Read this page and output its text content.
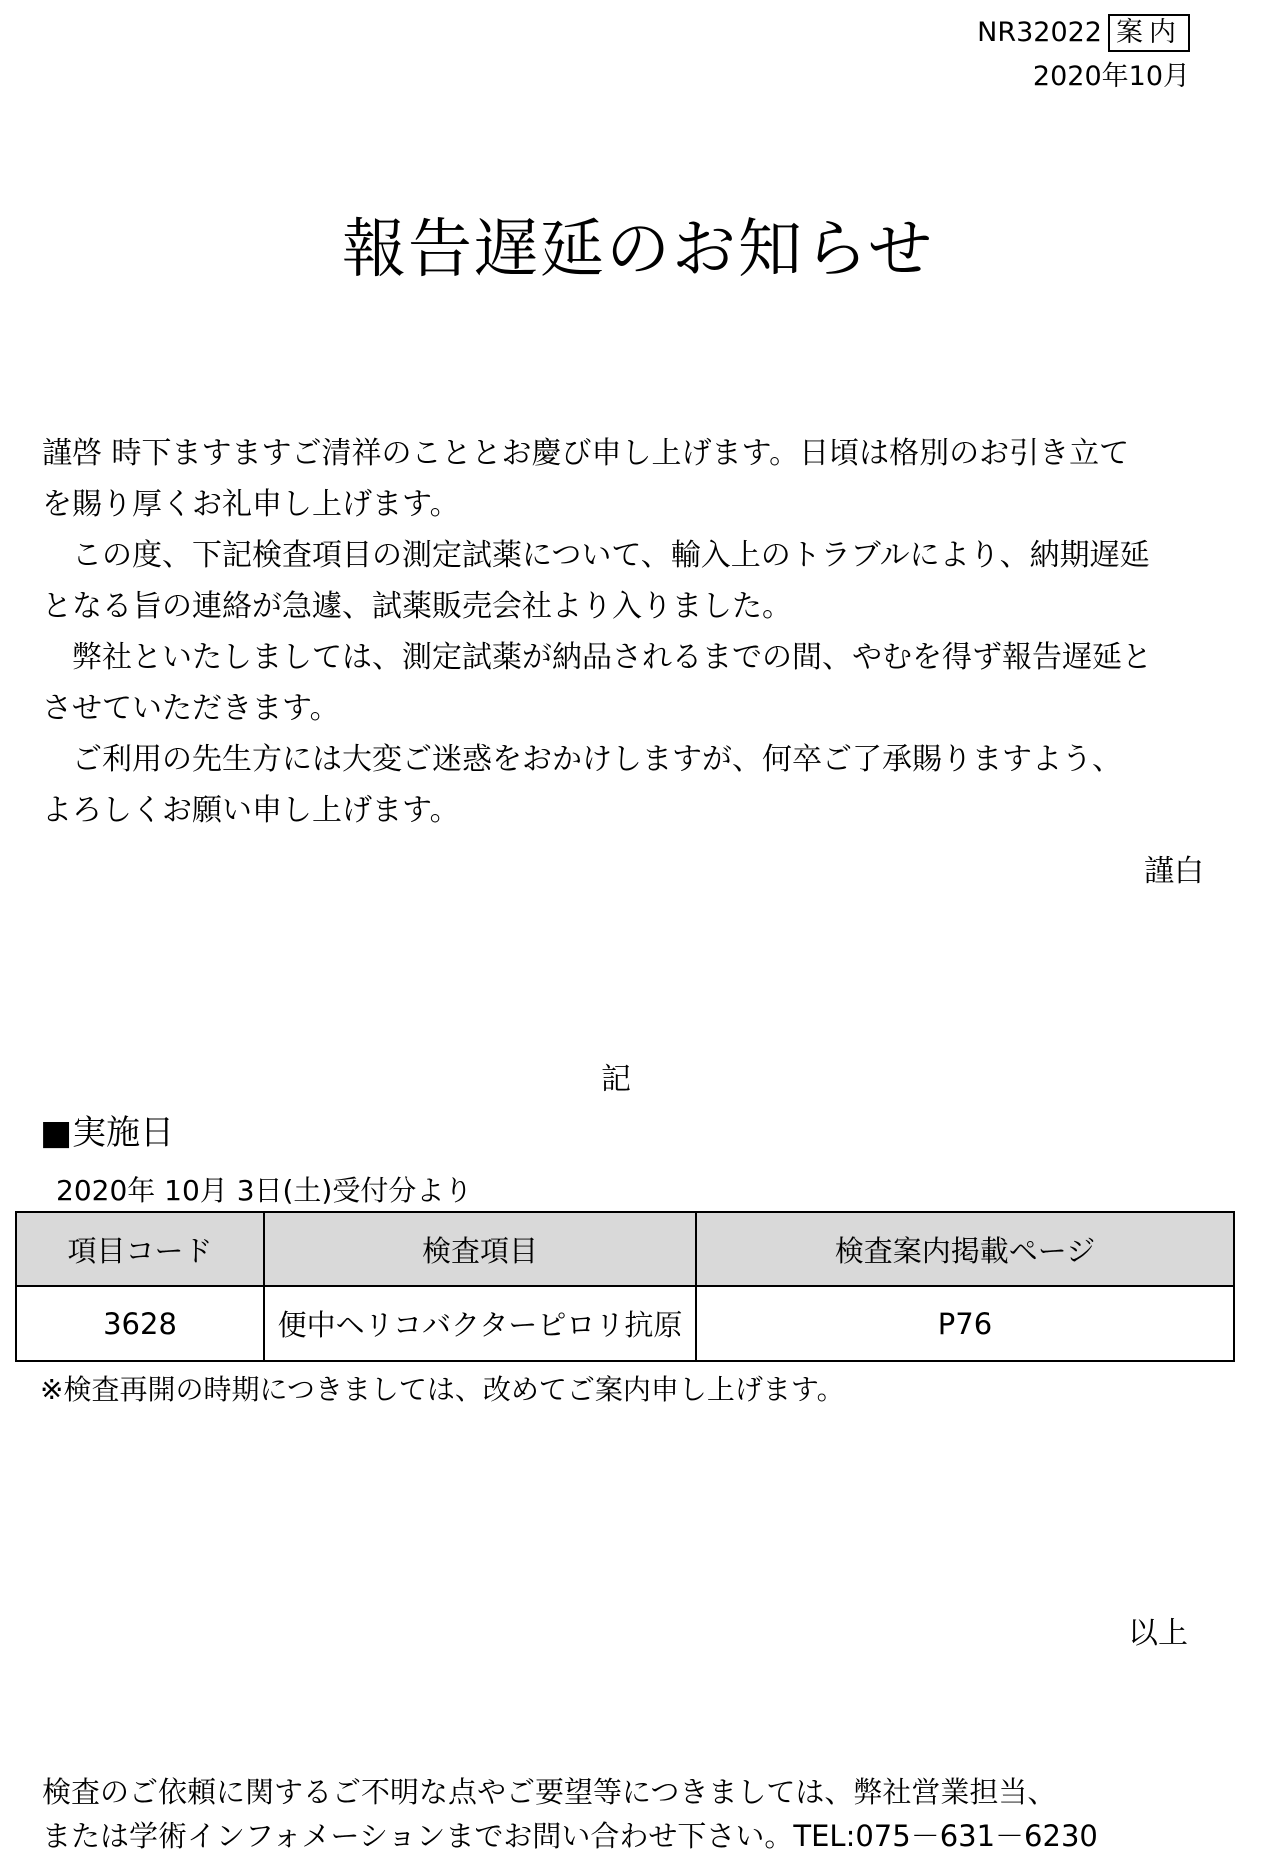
NR32022 案内
2020年10月
報告遅延のお知らせ

謹啓 時下ますますご清祥のこととお慶び申し上げます。日頃は格別のお引き立て

を賜り厚くお礼申し上げます。

この度、下記検査項目の測定試薬について、輸入上のトラブルにより、納期遅延

となる旨の連絡が急遽、試薬販売会社より入りました。

弊社といたしましては、測定試薬が納品されるまでの間、やむを得ず報告遅延と

させていただきます。

ご利用の先生方には大変ご迷惑をおかけしますが、何卒ご了承賜りますよう、

よろしくお願い申し上げます。

謹白
記
■実施日
2020年 10月 3日(土)受付分より
項目コード	検査項目	検査案内掲載ページ
3628	便中ヘリコバクターピロリ抗原	P76
※検査再開の時期につきましては、改めてご案内申し上げます。
以上

検査のご依頼に関するご不明な点やご要望等につきましては、弊社営業担当、

または学術インフォメーションまでお問い合わせ下さい。TEL:075－631－6230
